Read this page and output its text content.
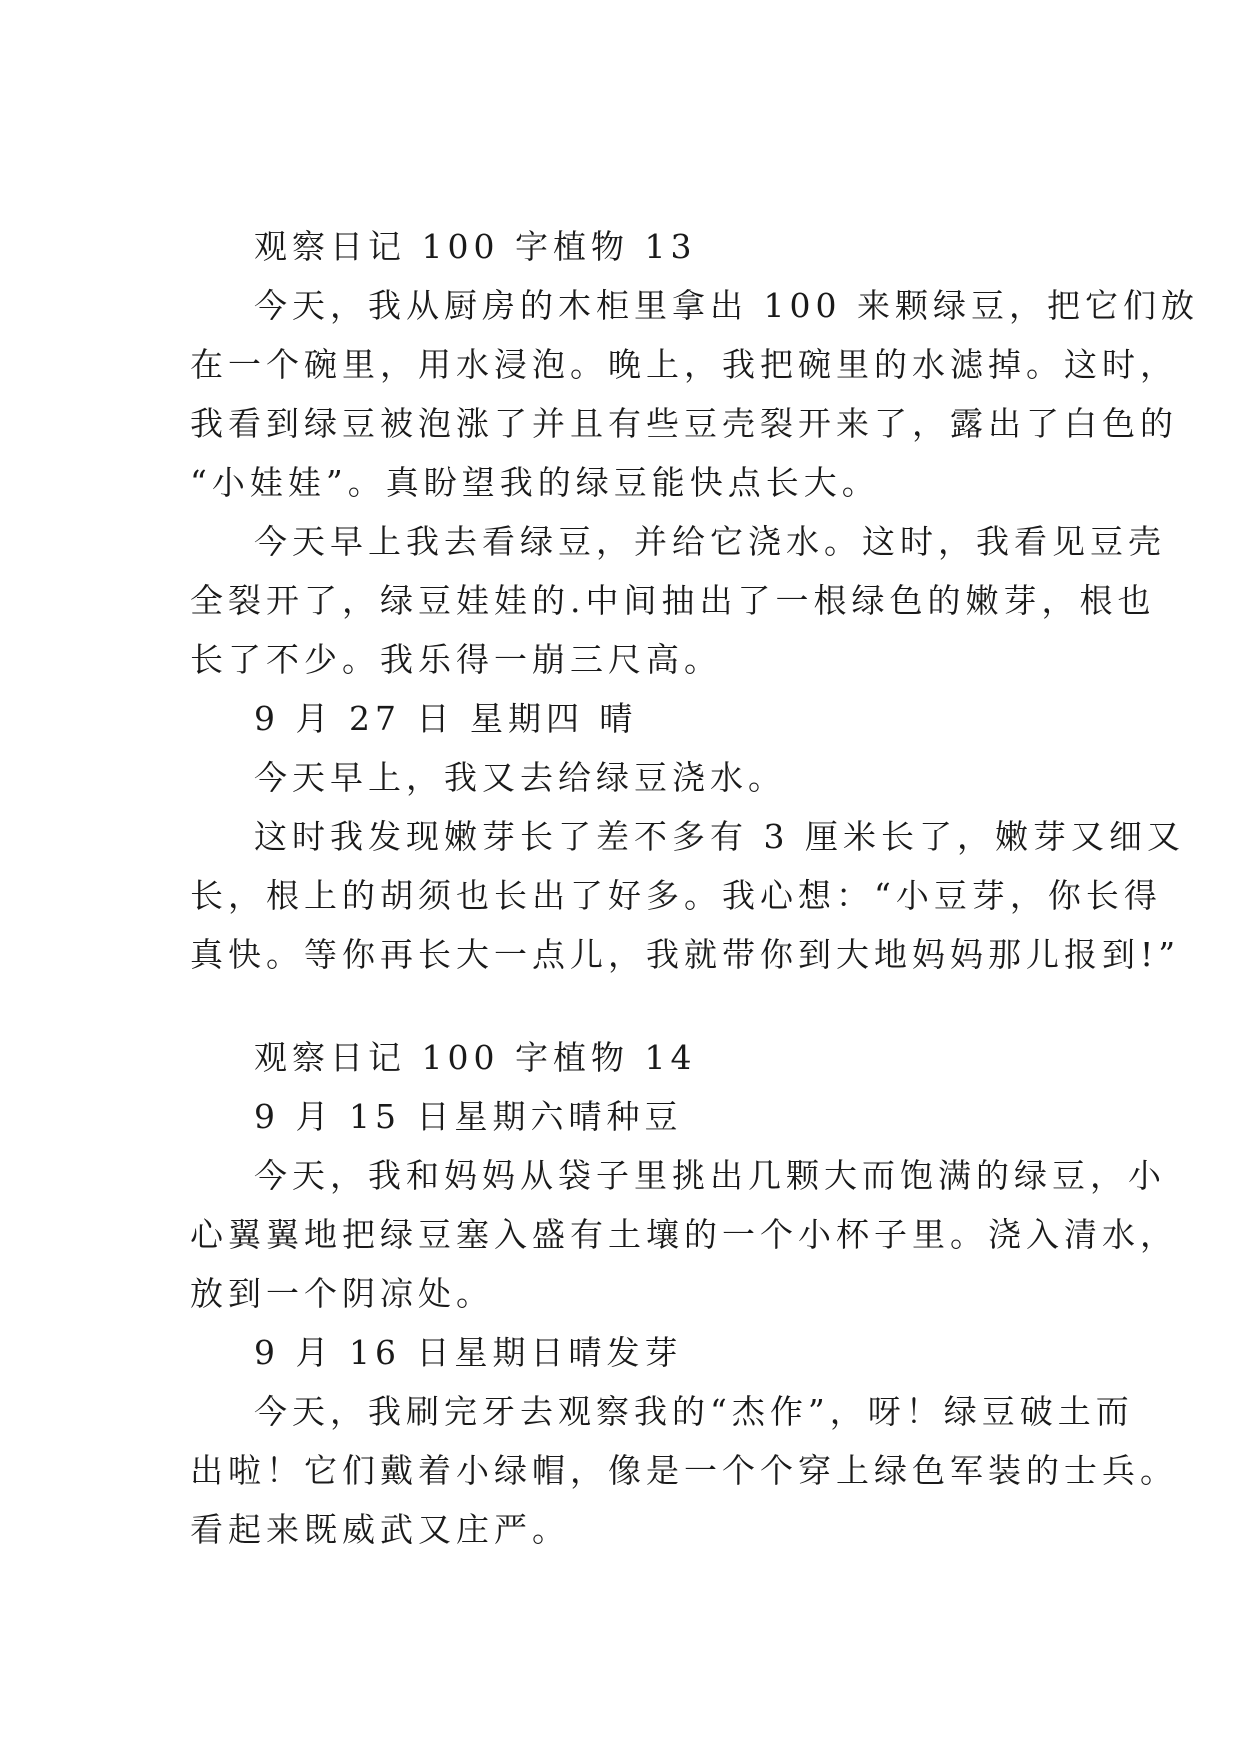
观察日记 100 字植物 13
今天，我从厨房的木柜里拿出 100 来颗绿豆，把它们放
在一个碗里，用水浸泡。晚上，我把碗里的水滤掉。这时，
我看到绿豆被泡涨了并且有些豆壳裂开来了，露出了白色的
“小娃娃”。真盼望我的绿豆能快点长大。
今天早上我去看绿豆，并给它浇水。这时，我看见豆壳
全裂开了，绿豆娃娃的.中间抽出了一根绿色的嫩芽，根也
长了不少。我乐得一崩三尺高。
9 月 27 日 星期四 晴
今天早上，我又去给绿豆浇水。
这时我发现嫩芽长了差不多有 3 厘米长了，嫩芽又细又
长，根上的胡须也长出了好多。我心想：“小豆芽，你长得
真快。等你再长大一点儿，我就带你到大地妈妈那儿报到!”
观察日记 100 字植物 14
9 月 15 日星期六晴种豆
今天，我和妈妈从袋子里挑出几颗大而饱满的绿豆，小
心翼翼地把绿豆塞入盛有土壤的一个小杯子里。浇入清水，
放到一个阴凉处。
9 月 16 日星期日晴发芽
今天，我刷完牙去观察我的“杰作”，呀！绿豆破土而
出啦！它们戴着小绿帽，像是一个个穿上绿色军装的士兵。
看起来既威武又庄严。
